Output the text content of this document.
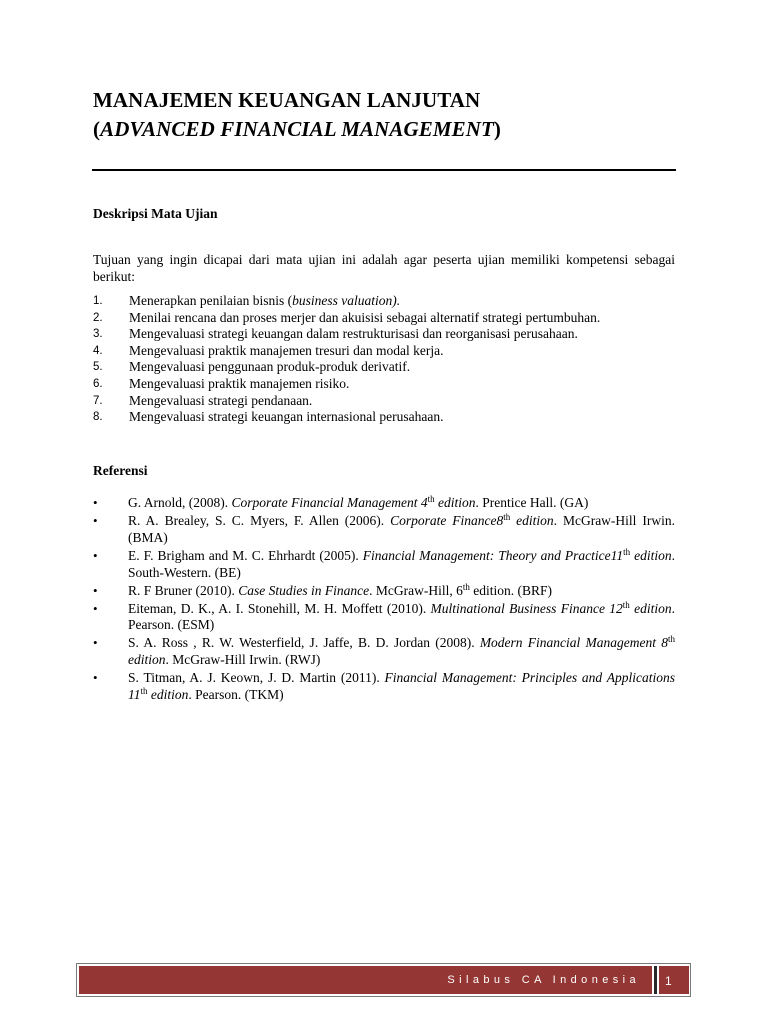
MANAJEMEN KEUANGAN LANJUTAN
(ADVANCED FINANCIAL MANAGEMENT)
Deskripsi Mata Ujian
Tujuan yang ingin dicapai dari mata ujian ini adalah agar peserta ujian memiliki kompetensi sebagai berikut:
1. Menerapkan penilaian bisnis (business valuation).
2. Menilai rencana dan proses merjer dan akuisisi sebagai alternatif strategi pertumbuhan.
3. Mengevaluasi strategi keuangan dalam restrukturisasi dan reorganisasi perusahaan.
4. Mengevaluasi praktik manajemen tresuri dan modal kerja.
5. Mengevaluasi penggunaan produk-produk derivatif.
6. Mengevaluasi praktik manajemen risiko.
7. Mengevaluasi strategi pendanaan.
8. Mengevaluasi strategi keuangan internasional perusahaan.
Referensi
• G. Arnold, (2008). Corporate Financial Management 4th edition. Prentice Hall. (GA)
• R. A. Brealey, S. C. Myers, F. Allen (2006). Corporate Finance8th edition. McGraw-Hill Irwin. (BMA)
• E. F. Brigham and M. C. Ehrhardt (2005). Financial Management: Theory and Practice11th edition. South-Western. (BE)
• R. F Bruner (2010). Case Studies in Finance. McGraw-Hill, 6th edition. (BRF)
• Eiteman, D. K., A. I. Stonehill, M. H. Moffett (2010). Multinational Business Finance 12th edition. Pearson. (ESM)
• S. A. Ross , R. W. Westerfield, J. Jaffe, B. D. Jordan (2008). Modern Financial Management 8th edition. McGraw-Hill Irwin. (RWJ)
• S. Titman, A. J. Keown, J. D. Martin (2011). Financial Management: Principles and Applications 11th edition. Pearson. (TKM)
Silabus CA Indonesia	1
